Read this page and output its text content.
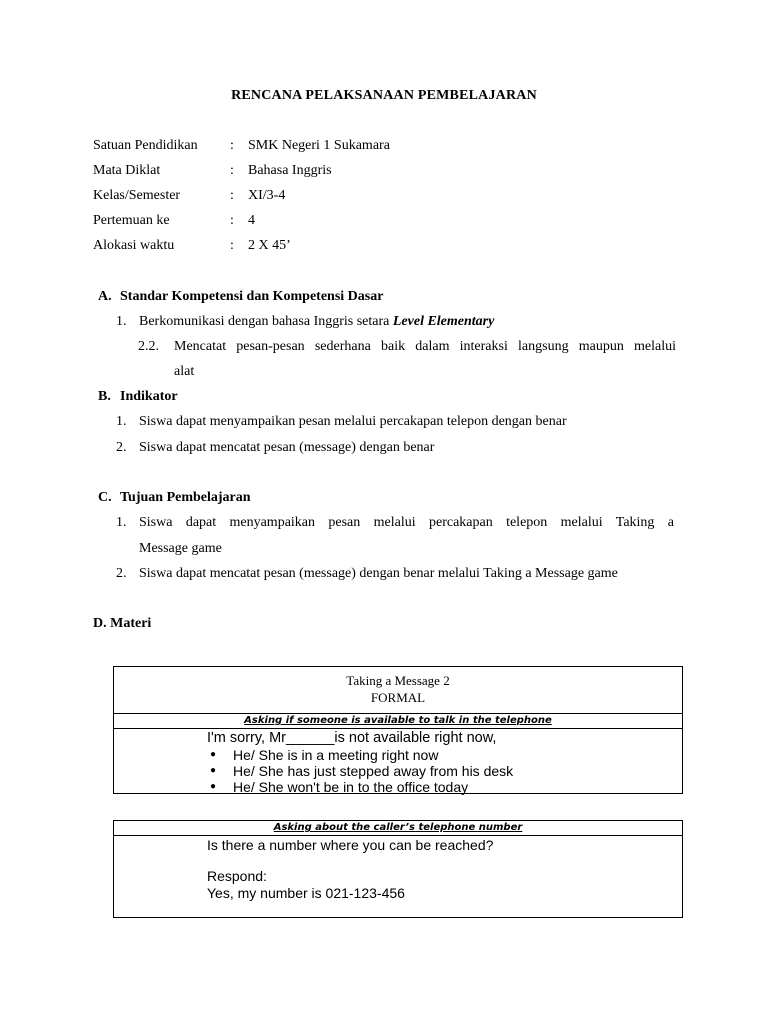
RENCANA PELAKSANAAN PEMBELAJARAN
Satuan Pendidikan : SMK Negeri 1 Sukamara
Mata Diklat	: Bahasa Inggris
Kelas/Semester	: XI/3-4
Pertemuan ke	: 4
Alokasi waktu	: 2 X 45’
A. Standar Kompetensi dan Kompetensi Dasar
1. Berkomunikasi dengan bahasa Inggris setara Level Elementary
2.2. Mencatat pesan-pesan sederhana baik dalam interaksi langsung maupun melalui
alat
B. Indikator
1. Siswa dapat menyampaikan pesan melalui percakapan telepon dengan benar
2. Siswa dapat mencatat pesan (message) dengan benar
C. Tujuan Pembelajaran
1. Siswa dapat menyampaikan pesan melalui percakapan telepon melalui Taking a
Message game
2. Siswa dapat mencatat pesan (message) dengan benar melalui Taking a Message game
D. Materi
Taking a Message 2
FORMAL
Asking if someone is available to talk in the telephone
I'm sorry, Mr______is not available right now,
● He/ She is in a meeting right now
● He/ She has just stepped away from his desk
● He/ She won't be in to the office today
Asking about the caller’s telephone number

Is there a number where you can be reached?

Respond:

Yes, my number is 021-123-456
